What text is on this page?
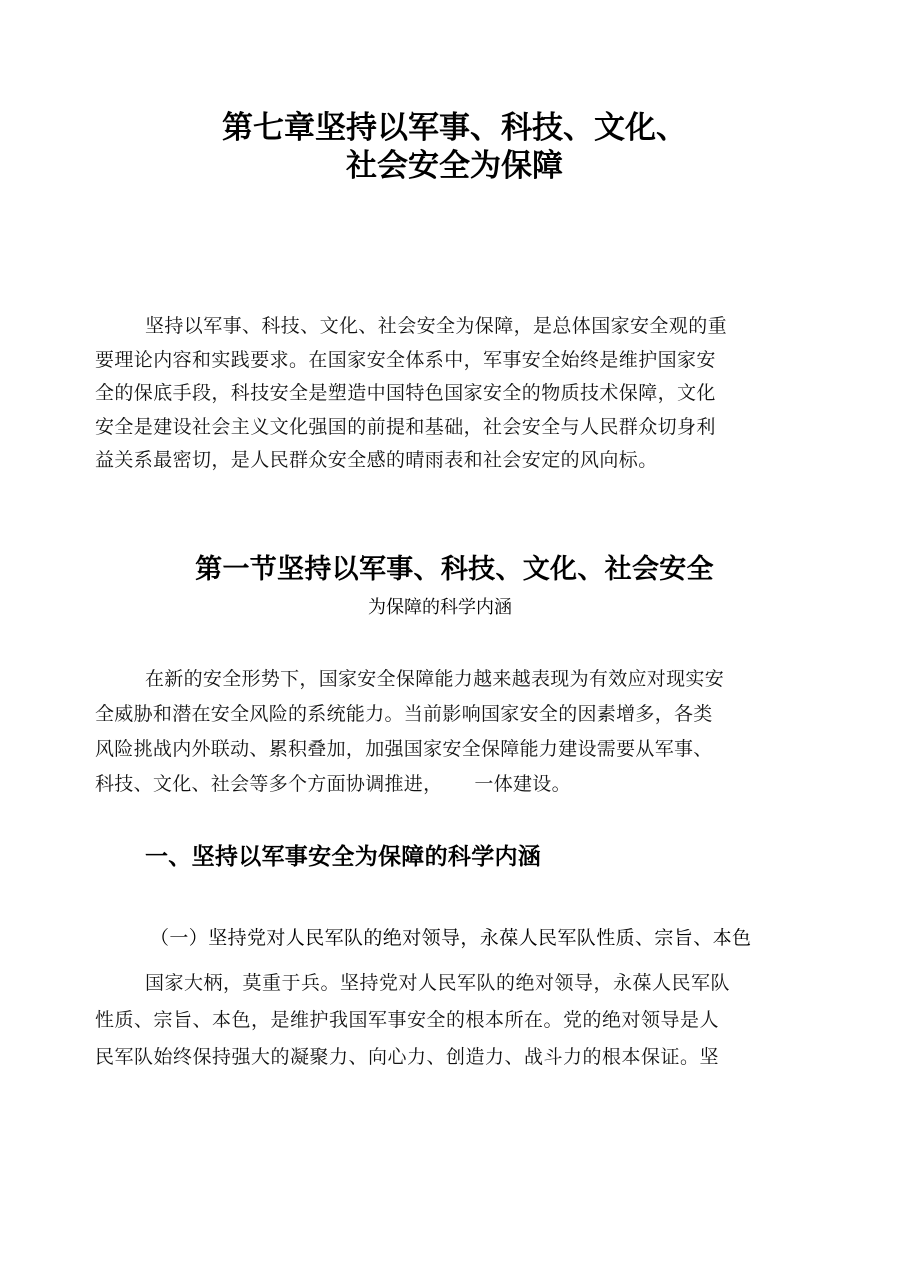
第七章坚持以军事、科技、文化、
社会安全为保障

坚持以军事、科技、文化、社会安全为保障，是总体国家安全观的重
要理论内容和实践要求。在国家安全体系中，军事安全始终是维护国家安
全的保底手段，科技安全是塑造中国特色国家安全的物质技术保障，文化
安全是建设社会主义文化强国的前提和基础，社会安全与人民群众切身利
益关系最密切，是人民群众安全感的晴雨表和社会安定的风向标。

第一节坚持以军事、科技、文化、社会安全
为保障的科学内涵

在新的安全形势下，国家安全保障能力越来越表现为有效应对现实安
全威胁和潜在安全风险的系统能力。当前影响国家安全的因素增多，各类
风险挑战内外联动、累积叠加，加强国家安全保障能力建设需要从军事、
科技、文化、社会等多个方面协调推进， 一体建设。

一、坚持以军事安全为保障的科学内涵
（一）坚持党对人民军队的绝对领导，永葆人民军队性质、宗旨、本色

国家大柄，莫重于兵。坚持党对人民军队的绝对领导，永葆人民军队
性质、宗旨、本色，是维护我国军事安全的根本所在。党的绝对领导是人
民军队始终保持强大的凝聚力、向心力、创造力、战斗力的根本保证。坚
